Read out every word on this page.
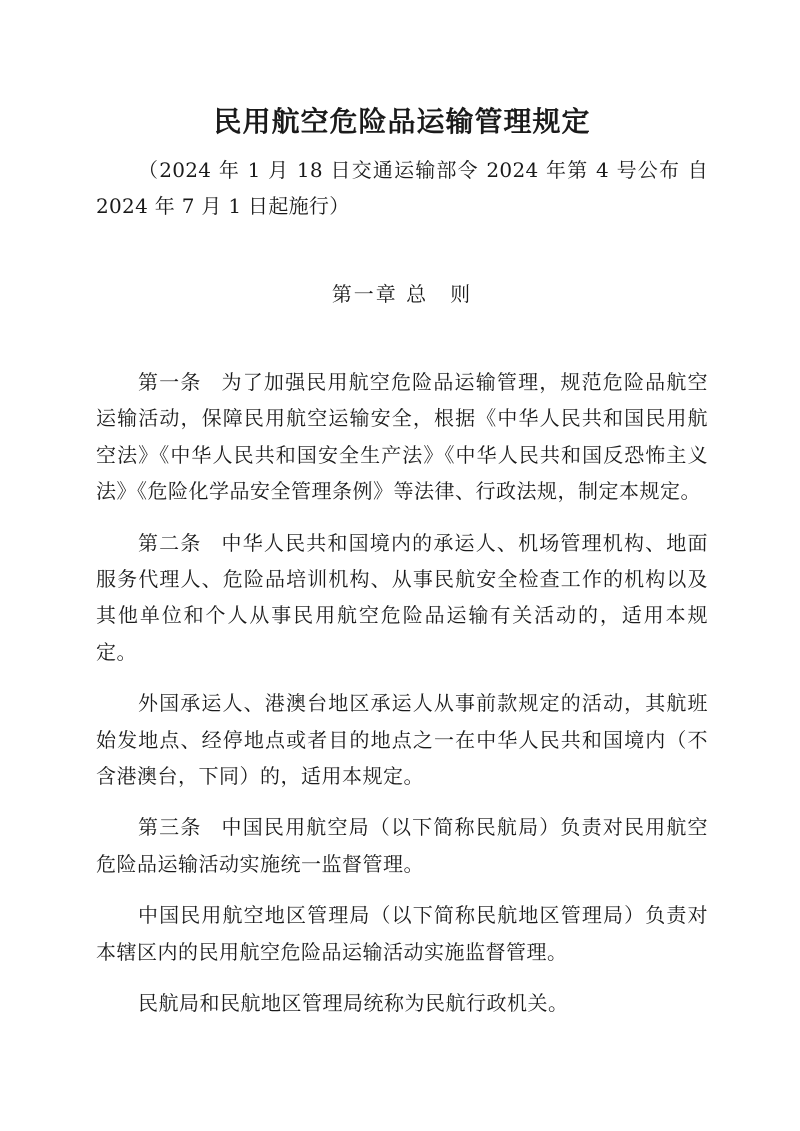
民用航空危险品运输管理规定

（2024 年 1 月 18 日交通运输部令 2024 年第 4 号公布 自 2024 年 7 月 1 日起施行）

第一章 总　则

第一条 为了加强民用航空危险品运输管理，规范危险品航空运输活动，保障民用航空运输安全，根据《中华人民共和国民用航空法》《中华人民共和国安全生产法》《中华人民共和国反恐怖主义法》《危险化学品安全管理条例》等法律、行政法规，制定本规定。

第二条 中华人民共和国境内的承运人、机场管理机构、地面服务代理人、危险品培训机构、从事民航安全检查工作的机构以及其他单位和个人从事民用航空危险品运输有关活动的，适用本规定。

外国承运人、港澳台地区承运人从事前款规定的活动，其航班始发地点、经停地点或者目的地点之一在中华人民共和国境内（不含港澳台，下同）的，适用本规定。

第三条 中国民用航空局（以下简称民航局）负责对民用航空危险品运输活动实施统一监督管理。

中国民用航空地区管理局（以下简称民航地区管理局）负责对本辖区内的民用航空危险品运输活动实施监督管理。

民航局和民航地区管理局统称为民航行政机关。
